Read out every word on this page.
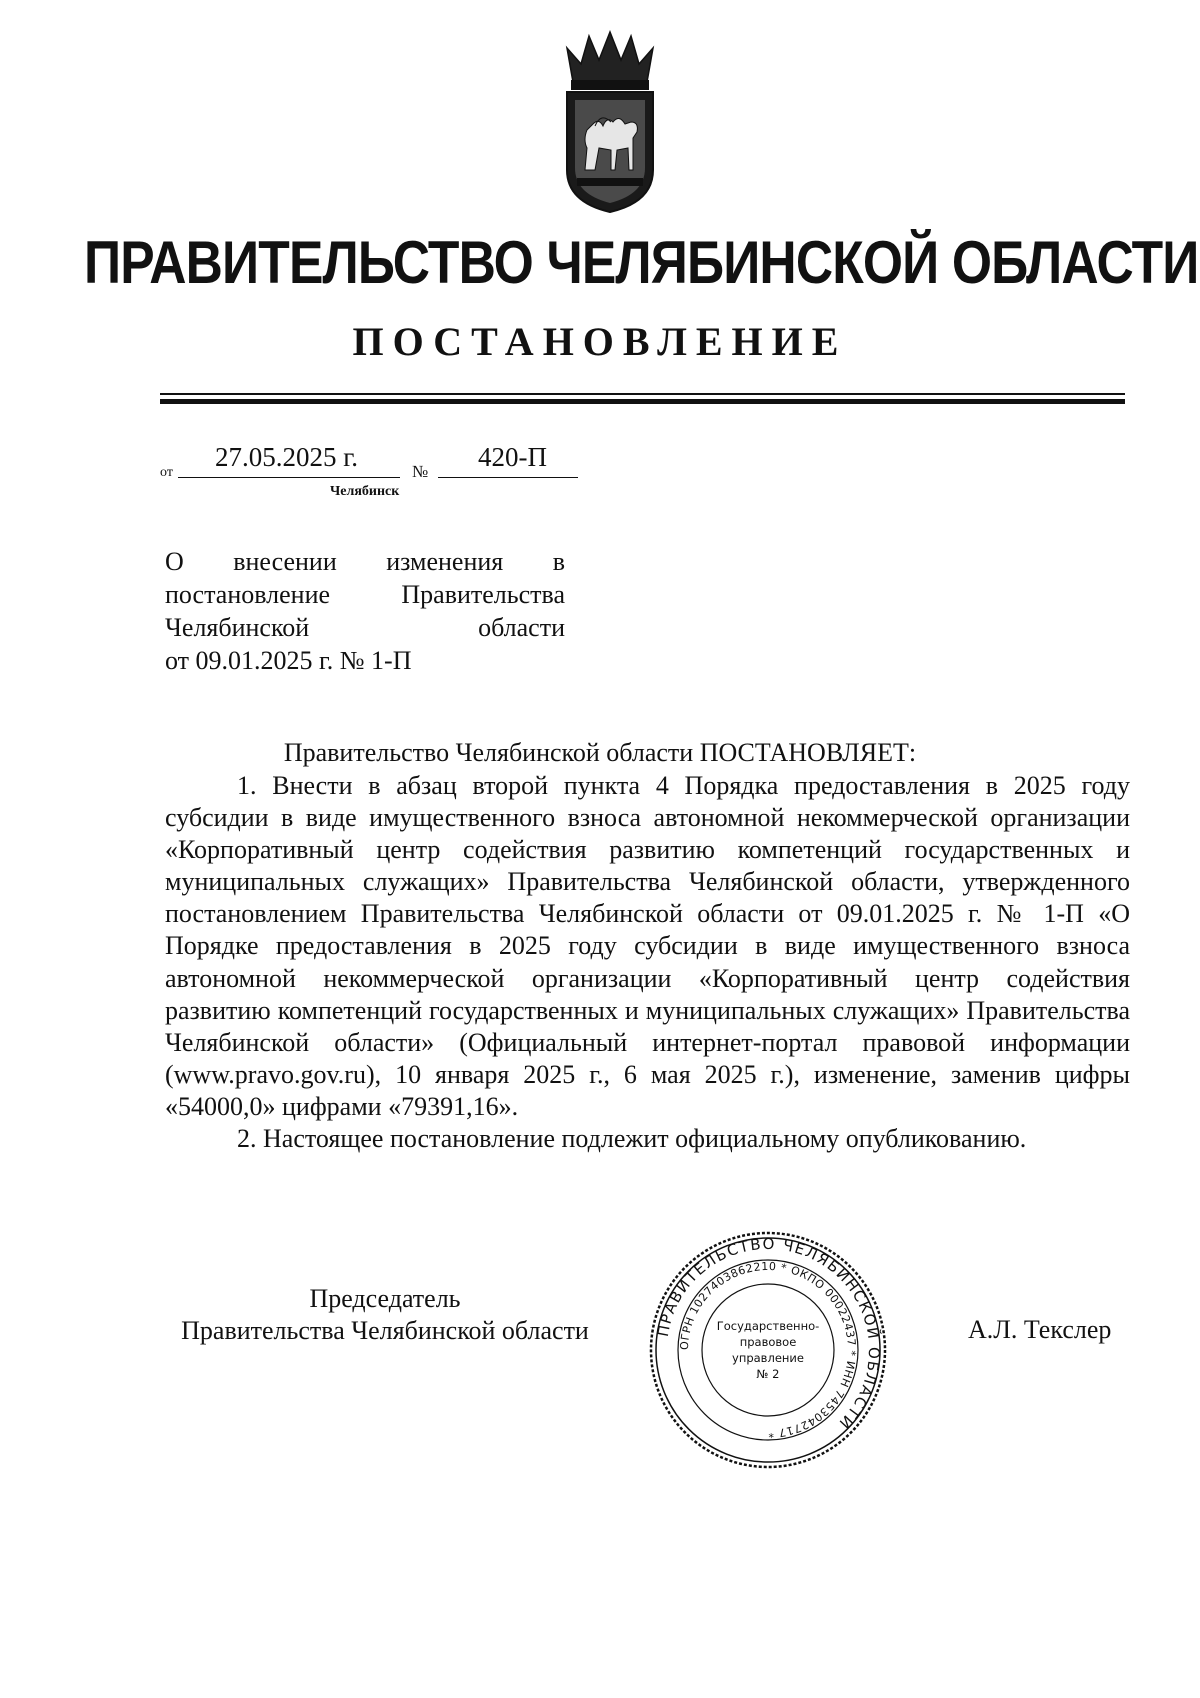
ПРАВИТЕЛЬСТВО ЧЕЛЯБИНСКОЙ ОБЛАСТИ
ПОСТАНОВЛЕНИЕ
от
27.05.2025 г.	№ 420-П
Челябинск
О внесении изменения в
постановление	Правительства
Челябинской	области
от 09.01.2025 г. № 1-П
Правительство Челябинской области ПОСТАНОВЛЯЕТ:

1. Внести в абзац второй пункта 4 Порядка предоставления в 2025 году субсидии в виде имущественного взноса автономной некоммерческой организации «Корпоративный центр содействия развитию компетенций государственных и муниципальных служащих» Правительства Челябинской области, утвержденного постановлением Правительства Челябинской области от 09.01.2025 г. № 1-П «О Порядке предоставления в 2025 году субсидии в виде имущественного взноса автономной некоммерческой организации «Корпоративный центр содействия развитию компетенций государственных и муниципальных служащих» Правительства Челябинской области» (Официальный интернет-портал правовой информации (www.pravo.gov.ru), 10 января 2025 г., 6 мая 2025 г.), изменение, заменив цифры «54000,0» цифрами «79391,16».

2. Настоящее постановление подлежит официальному опубликованию.

Председатель
Правительства Челябинской области	ПРАВИТЕЛЬСТВО ЧЕЛЯБИНСКОЙ ОБЛАСТИ
ОГРН 1027403862210 * ОКПО 00022437 * ИНН 7453042717 *
Государственно-
правовое
управление
№ 2
А.Л. Текслер
